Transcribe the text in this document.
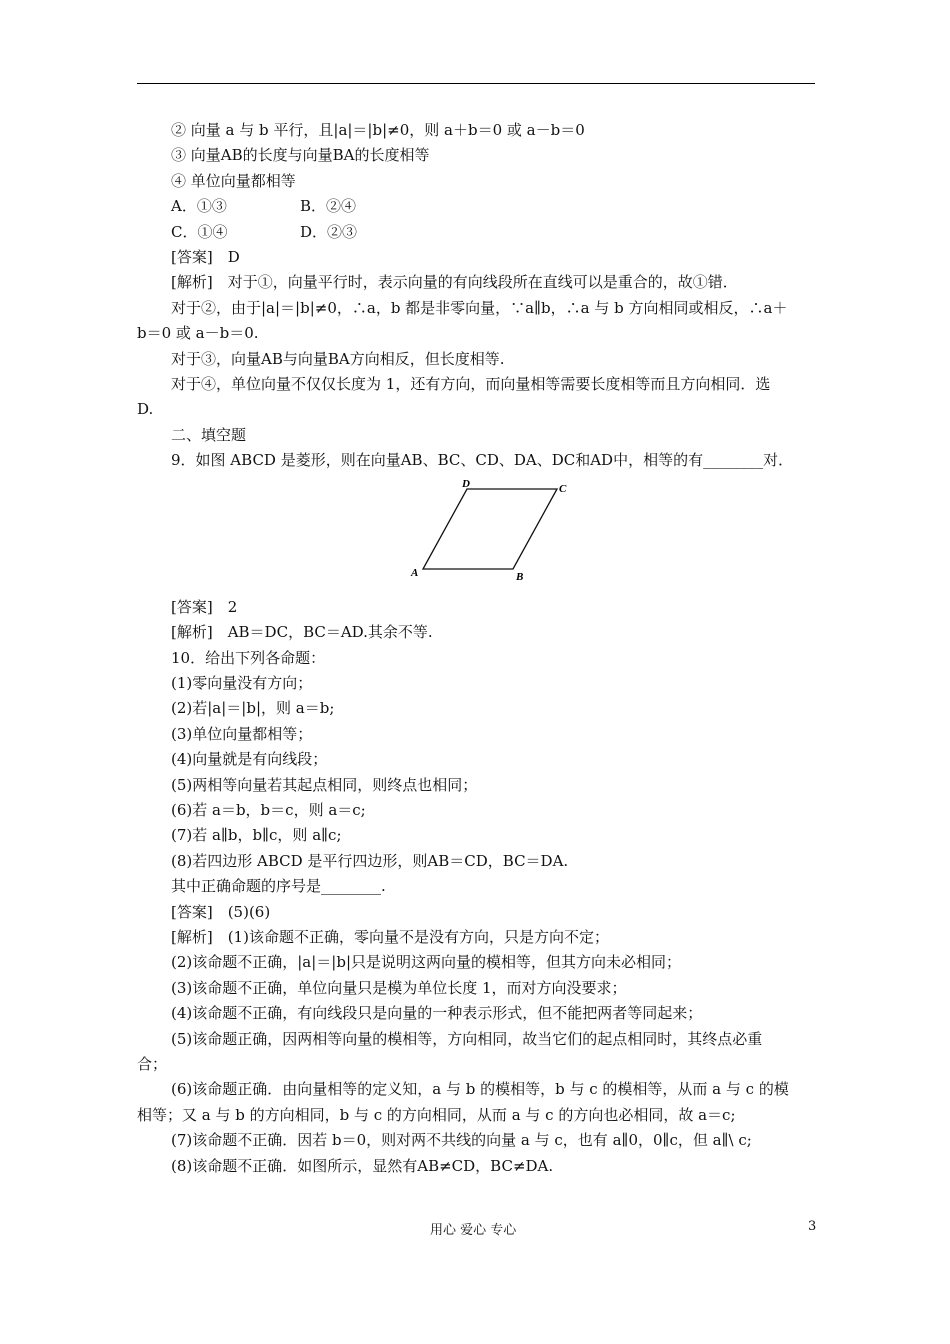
② 向量 a 与 b 平行，且|a|＝|b|≠0，则 a＋b＝0 或 a－b＝0

③ 向量AB的长度与向量BA的长度相等

④ 单位向量都相等

A．①③	B．②④

C．①④	D．②③

[答案]　D

[解析]　对于①，向量平行时，表示向量的有向线段所在直线可以是重合的，故①错．

对于②，由于|a|＝|b|≠0，∴a，b 都是非零向量，∵a∥b，∴a 与 b 方向相同或相反，∴a＋

b＝0 或 a－b＝0.

对于③，向量AB与向量BA方向相反，但长度相等.

对于④，单位向量不仅仅长度为 1，还有方向，而向量相等需要长度相等而且方向相同．选

D.

二、填空题

9．如图 ABCD 是菱形，则在向量AB、BC、CD、DA、DC和AD中，相等的有________对．

A	B
C
D

[答案]　2

[解析]　AB＝DC，BC＝AD.其余不等.

10．给出下列各命题：

(1)零向量没有方向；

(2)若|a|＝|b|，则 a＝b;

(3)单位向量都相等；

(4)向量就是有向线段；

(5)两相等向量若其起点相同，则终点也相同；

(6)若 a＝b，b＝c，则 a＝c;

(7)若 a∥b，b∥c，则 a∥c;

(8)若四边形 ABCD 是平行四边形，则AB＝CD，BC＝DA.

其中正确命题的序号是________.

[答案]　(5)(6)

[解析]　(1)该命题不正确，零向量不是没有方向，只是方向不定；

(2)该命题不正确，|a|＝|b|只是说明这两向量的模相等，但其方向未必相同；

(3)该命题不正确，单位向量只是模为单位长度 1，而对方向没要求；

(4)该命题不正确，有向线段只是向量的一种表示形式，但不能把两者等同起来；

(5)该命题正确，因两相等向量的模相等，方向相同，故当它们的起点相同时，其终点必重

合；

(6)该命题正确．由向量相等的定义知，a 与 b 的模相等，b 与 c 的模相等，从而 a 与 c 的模

相等；又 a 与 b 的方向相同，b 与 c 的方向相同，从而 a 与 c 的方向也必相同，故 a＝c;

(7)该命题不正确．因若 b＝0，则对两不共线的向量 a 与 c，也有 a∥0，0∥c，但 a∥\ c;

(8)该命题不正确．如图所示，显然有AB≠CD，BC≠DA.

用心 爱心 专心	3
